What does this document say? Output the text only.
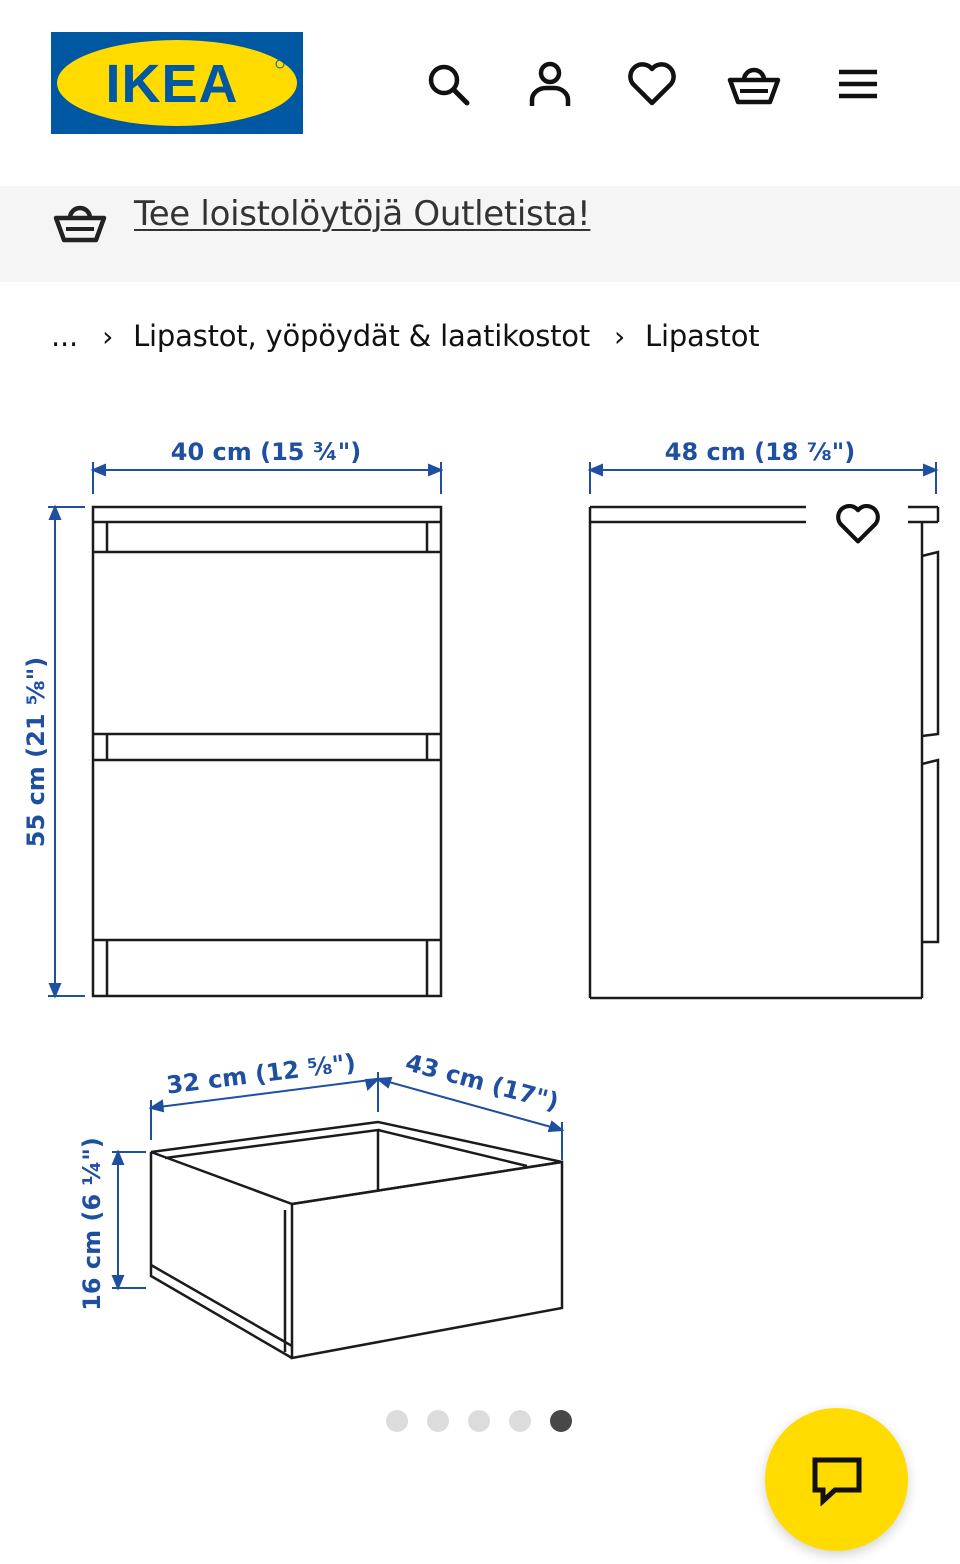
IKEA
Tee loistolöytöjä Outletista!
... › Lipastot, yöpöydät & laatikostot › Lipastot
40 cm (15 ¾")	48 cm (18 ⅞")
55 cm (21 ⅝")
32 cm (12 ⅝") 43 cm (17")
16 cm (6 ¼")
